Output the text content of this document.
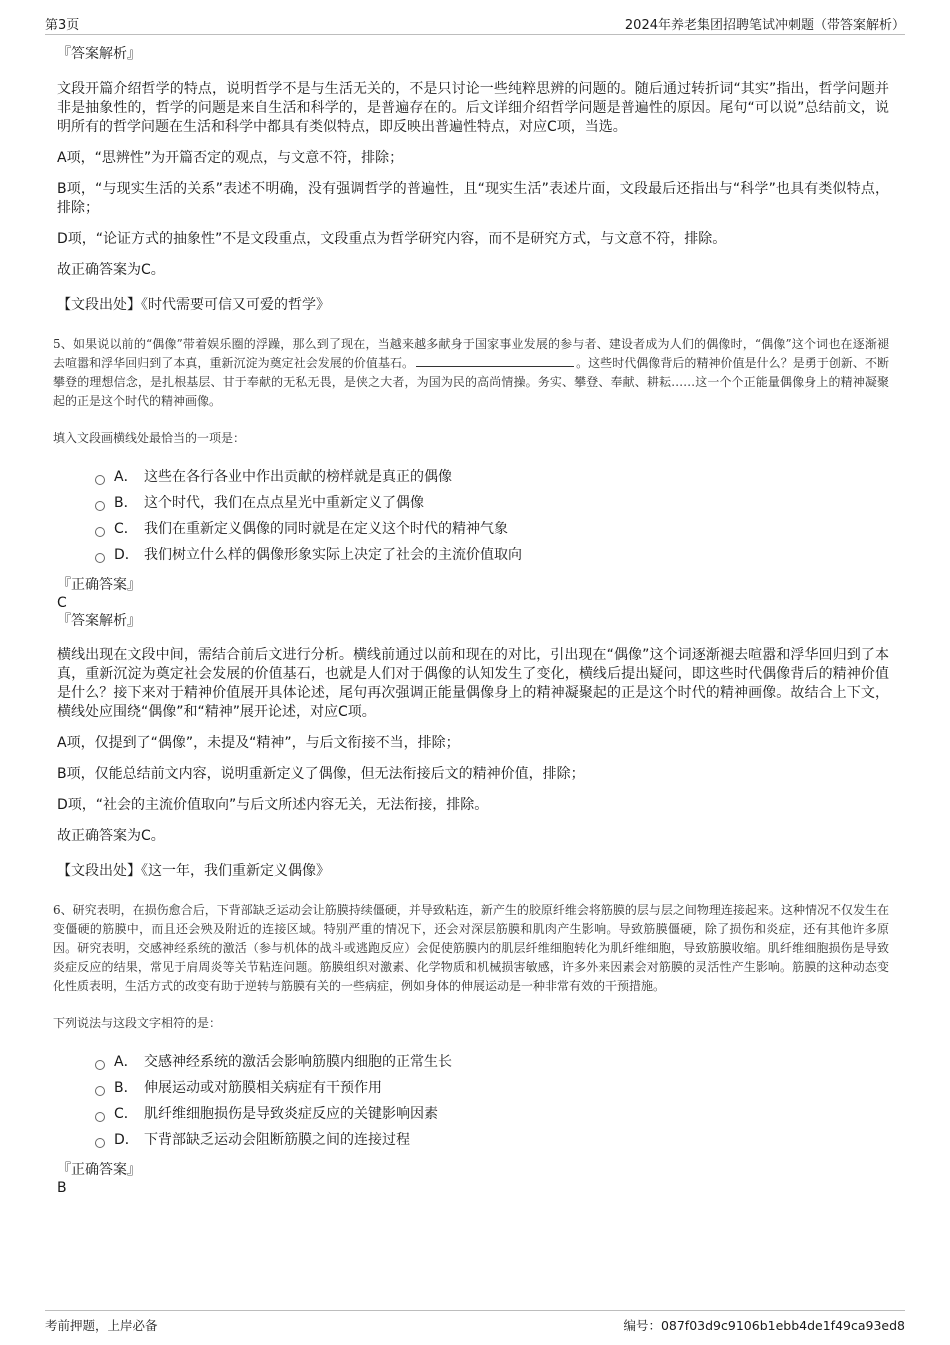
第3页	2024年养老集团招聘笔试冲刺题（带答案解析）

『答案解析』

文段开篇介绍哲学的特点，说明哲学不是与生活无关的，不是只讨论一些纯粹思辨的问题的。随后通过转折词“其实”指出，哲学问题并非是抽象性的，哲学的问题是来自生活和科学的，是普遍存在的。后文详细介绍哲学问题是普遍性的原因。尾句“可以说”总结前文，说明所有的哲学问题在生活和科学中都具有类似特点，即反映出普遍性特点，对应C项，当选。

A项，“思辨性”为开篇否定的观点，与文意不符，排除；

B项，“与现实生活的关系”表述不明确，没有强调哲学的普遍性，且“现实生活”表述片面，文段最后还指出与“科学”也具有类似特点，排除；

D项，“论证方式的抽象性”不是文段重点，文段重点为哲学研究内容，而不是研究方式，与文意不符，排除。

故正确答案为C。

【文段出处】《时代需要可信又可爱的哲学》

5、如果说以前的“偶像”带着娱乐圈的浮躁，那么到了现在，当越来越多献身于国家事业发展的参与者、建设者成为人们的偶像时，“偶像”这个词也在逐渐褪去喧嚣和浮华回归到了本真，重新沉淀为奠定社会发展的价值基石。	。这些时代偶像背后的精神价值是什么？是勇于创新、不断攀登的理想信念，是扎根基层、甘于奉献的无私无畏，是侠之大者，为国为民的高尚情操。务实、攀登、奉献、耕耘……这一个个正能量偶像身上的精神凝聚起的正是这个时代的精神画像。

填入文段画横线处最恰当的一项是：

A． 这些在各行各业中作出贡献的榜样就是真正的偶像
B． 这个时代，我们在点点星光中重新定义了偶像
C． 我们在重新定义偶像的同时就是在定义这个时代的精神气象
D． 我们树立什么样的偶像形象实际上决定了社会的主流价值取向

『正确答案』

C

『答案解析』

横线出现在文段中间，需结合前后文进行分析。横线前通过以前和现在的对比，引出现在“偶像”这个词逐渐褪去喧嚣和浮华回归到了本真，重新沉淀为奠定社会发展的价值基石，也就是人们对于偶像的认知发生了变化，横线后提出疑问，即这些时代偶像背后的精神价值是什么？接下来对于精神价值展开具体论述，尾句再次强调正能量偶像身上的精神凝聚起的正是这个时代的精神画像。故结合上下文，横线处应围绕“偶像”和“精神”展开论述，对应C项。

A项，仅提到了“偶像”，未提及“精神”，与后文衔接不当，排除；

B项，仅能总结前文内容，说明重新定义了偶像，但无法衔接后文的精神价值，排除；

D项，“社会的主流价值取向”与后文所述内容无关，无法衔接，排除。

故正确答案为C。

【文段出处】《这一年，我们重新定义偶像》

6、研究表明，在损伤愈合后，下背部缺乏运动会让筋膜持续僵硬，并导致粘连，新产生的胶原纤维会将筋膜的层与层之间物理连接起来。这种情况不仅发生在变僵硬的筋膜中，而且还会殃及附近的连接区域。特别严重的情况下，还会对深层筋膜和肌肉产生影响。导致筋膜僵硬，除了损伤和炎症，还有其他许多原因。研究表明，交感神经系统的激活（参与机体的战斗或逃跑反应）会促使筋膜内的肌层纤维细胞转化为肌纤维细胞，导致筋膜收缩。肌纤维细胞损伤是导致炎症反应的结果，常见于肩周炎等关节粘连问题。筋膜组织对激素、化学物质和机械损害敏感，许多外来因素会对筋膜的灵活性产生影响。筋膜的这种动态变化性质表明，生活方式的改变有助于逆转与筋膜有关的一些病症，例如身体的伸展运动是一种非常有效的干预措施。

下列说法与这段文字相符的是：

A． 交感神经系统的激活会影响筋膜内细胞的正常生长
B． 伸展运动或对筋膜相关病症有干预作用
C． 肌纤维细胞损伤是导致炎症反应的关键影响因素
D． 下背部缺乏运动会阻断筋膜之间的连接过程

『正确答案』

B

考前押题，上岸必备	编号：087f03d9c9106b1ebb4de1f49ca93ed8
